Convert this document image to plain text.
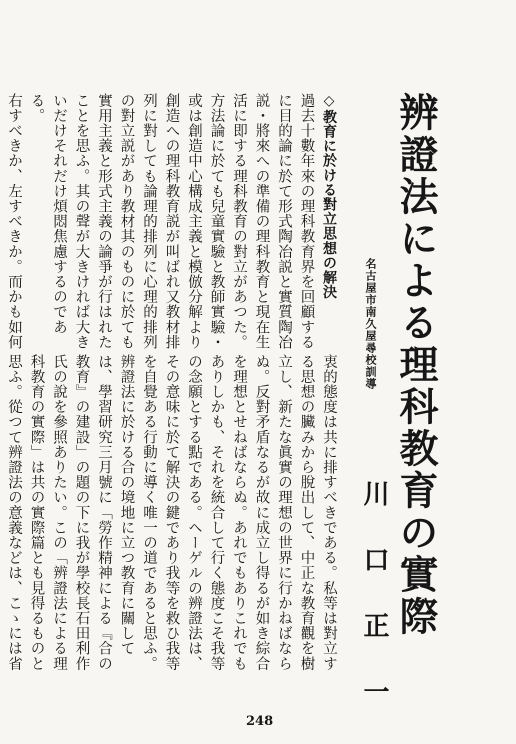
辨證法による理科教育の實際
名古屋市南久屋尋校訓導
川口正一
◇教育に於ける對立思想の解決
過去十數年來の理科教育界を回顧するに目的論に於て形式陶冶説と實質陶冶説・將來への準備の理科教育と現在生活に即する理科教育の對立があつた。方法論に於ても兒童實驗と教師實驗・或は創造中心構成主義と模倣分解より創造への理科教育説が叫ばれ又教材排列に對しても論理的排列に心理的排列の對立説があり教材其のものに於ても實用主義と形式主義の論爭が行はれたことを思ふ。其の聲が大きければ大きいだけそれだけ煩悶焦慮するのである。
右すべきか、左すべきか。而かも如何
衷的態度は共に排すべきである。私等は對立する思想の臟みから脫出して、中正な教育觀を樹立し、新たな眞實の理想の世界に行かねばならぬ。反對矛盾なるが故に成立し得るが如き綜合を理想とせねばならぬ。あれでもありこれでもありしかも、それを統合して行く態度こそ我等の念願とする點である。ヘーゲルの辨證法は、その意味に於て解決の鍵であり我等を救ひ我等を自覺ある行動に導く唯一の道であると思ふ。
辨證法に於ける合の境地に立つ教育に關しては、學習研究三月號に「勞作精神による『合の教育』の建設」の題の下に我が學校長石田利作氏の說を參照ありたい。この「辨證法による理科教育の實際」は共の實際篇とも見得るものと思ふ。從つて辨證法の意義などは、こゝには省
248
